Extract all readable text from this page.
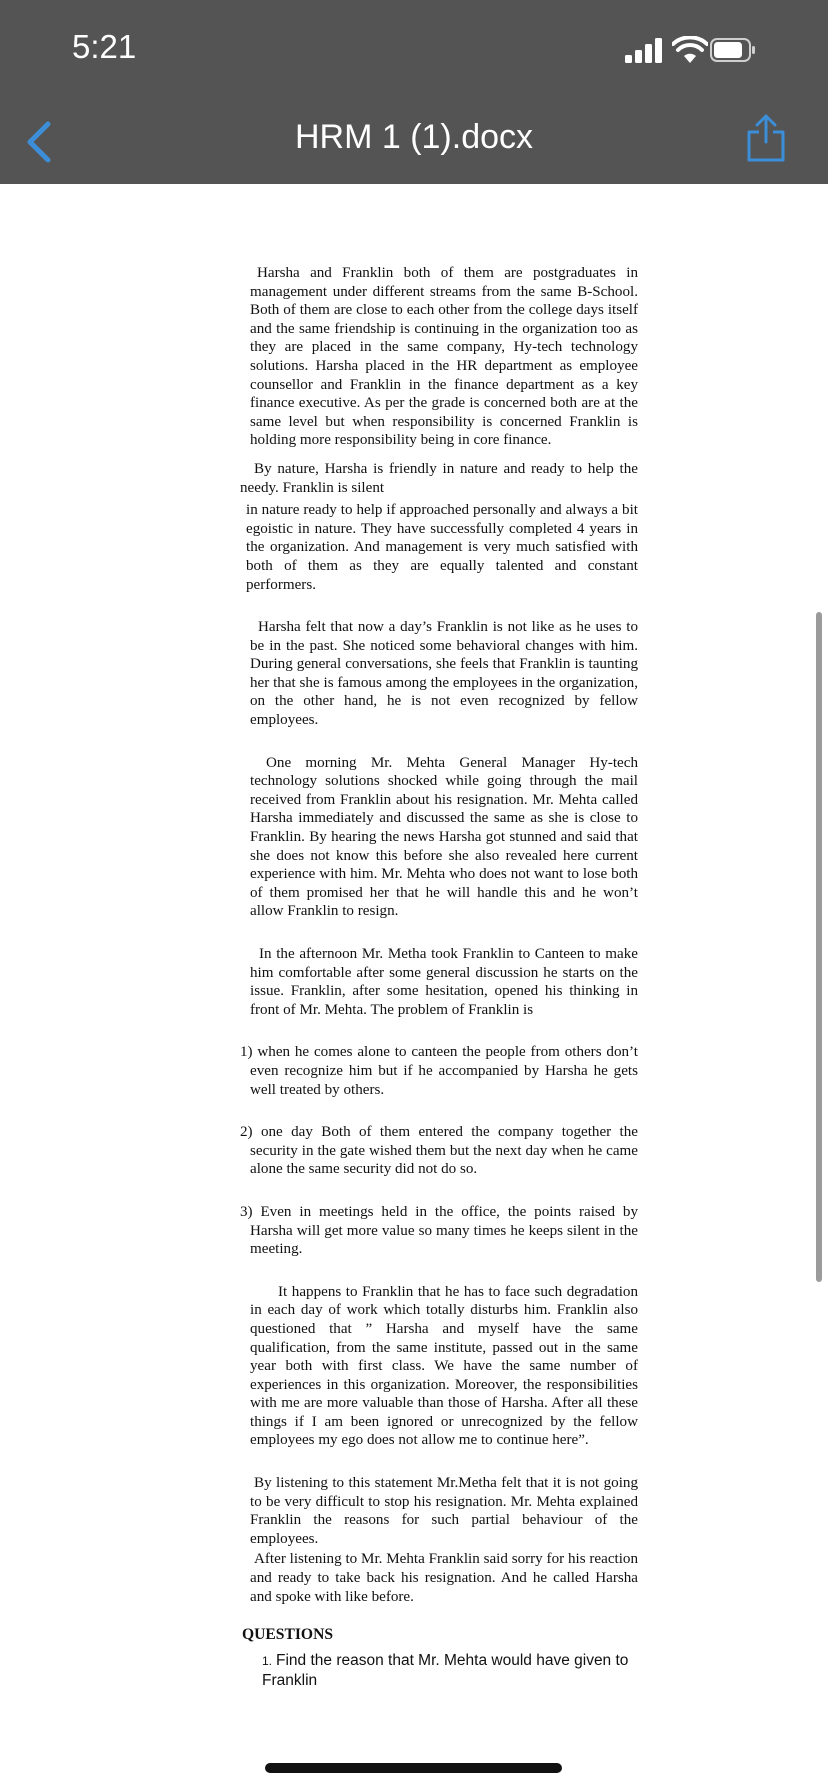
5:21
HRM 1 (1).docx

Harsha and Franklin both of them are postgraduates in management under different streams from the same B-School. Both of them are close to each other from the college days itself and the same friendship is continuing in the organization too as they are placed in the same company, Hy-tech technology solutions. Harsha placed in the HR department as employee counsellor and Franklin in the finance department as a key finance executive. As per the grade is concerned both are at the same level but when responsibility is concerned Franklin is holding more responsibility being in core finance.

By nature, Harsha is friendly in nature and ready to help the needy. Franklin is silent

in nature ready to help if approached personally and always a bit egoistic in nature. They have successfully completed 4 years in the organization. And management is very much satisfied with both of them as they are equally talented and constant performers.

Harsha felt that now a day’s Franklin is not like as he uses to be in the past. She noticed some behavioral changes with him. During general conversations, she feels that Franklin is taunting her that she is famous among the employees in the organization, on the other hand, he is not even recognized by fellow employees.

One morning Mr. Mehta General Manager Hy-tech technology solutions shocked while going through the mail received from Franklin about his resignation. Mr. Mehta called Harsha immediately and discussed the same as she is close to Franklin. By hearing the news Harsha got stunned and said that she does not know this before she also revealed here current experience with him. Mr. Mehta who does not want to lose both of them promised her that he will handle this and he won’t allow Franklin to resign.

In the afternoon Mr. Metha took Franklin to Canteen to make him comfortable after some general discussion he starts on the issue. Franklin, after some hesitation, opened his thinking in front of Mr. Mehta. The problem of Franklin is

1) when he comes alone to canteen the people from others don’t even recognize him but if he accompanied by Harsha he gets well treated by others.

2) one day Both of them entered the company together the security in the gate wished them but the next day when he came alone the same security did not do so.

3) Even in meetings held in the office, the points raised by Harsha will get more value so many times he keeps silent in the meeting.

It happens to Franklin that he has to face such degradation in each day of work which totally disturbs him. Franklin also questioned that ” Harsha and myself have the same qualification, from the same institute, passed out in the same year both with first class. We have the same number of experiences in this organization. Moreover, the responsibilities with me are more valuable than those of Harsha. After all these things if I am been ignored or unrecognized by the fellow employees my ego does not allow me to continue here”.

By listening to this statement Mr.Metha felt that it is not going to be very difficult to stop his resignation. Mr. Mehta explained Franklin the reasons for such partial behaviour of the employees.

After listening to Mr. Mehta Franklin said sorry for his reaction and ready to take back his resignation. And he called Harsha and spoke with like before.

QUESTIONS
1. Find the reason that Mr. Mehta would have given to Franklin
